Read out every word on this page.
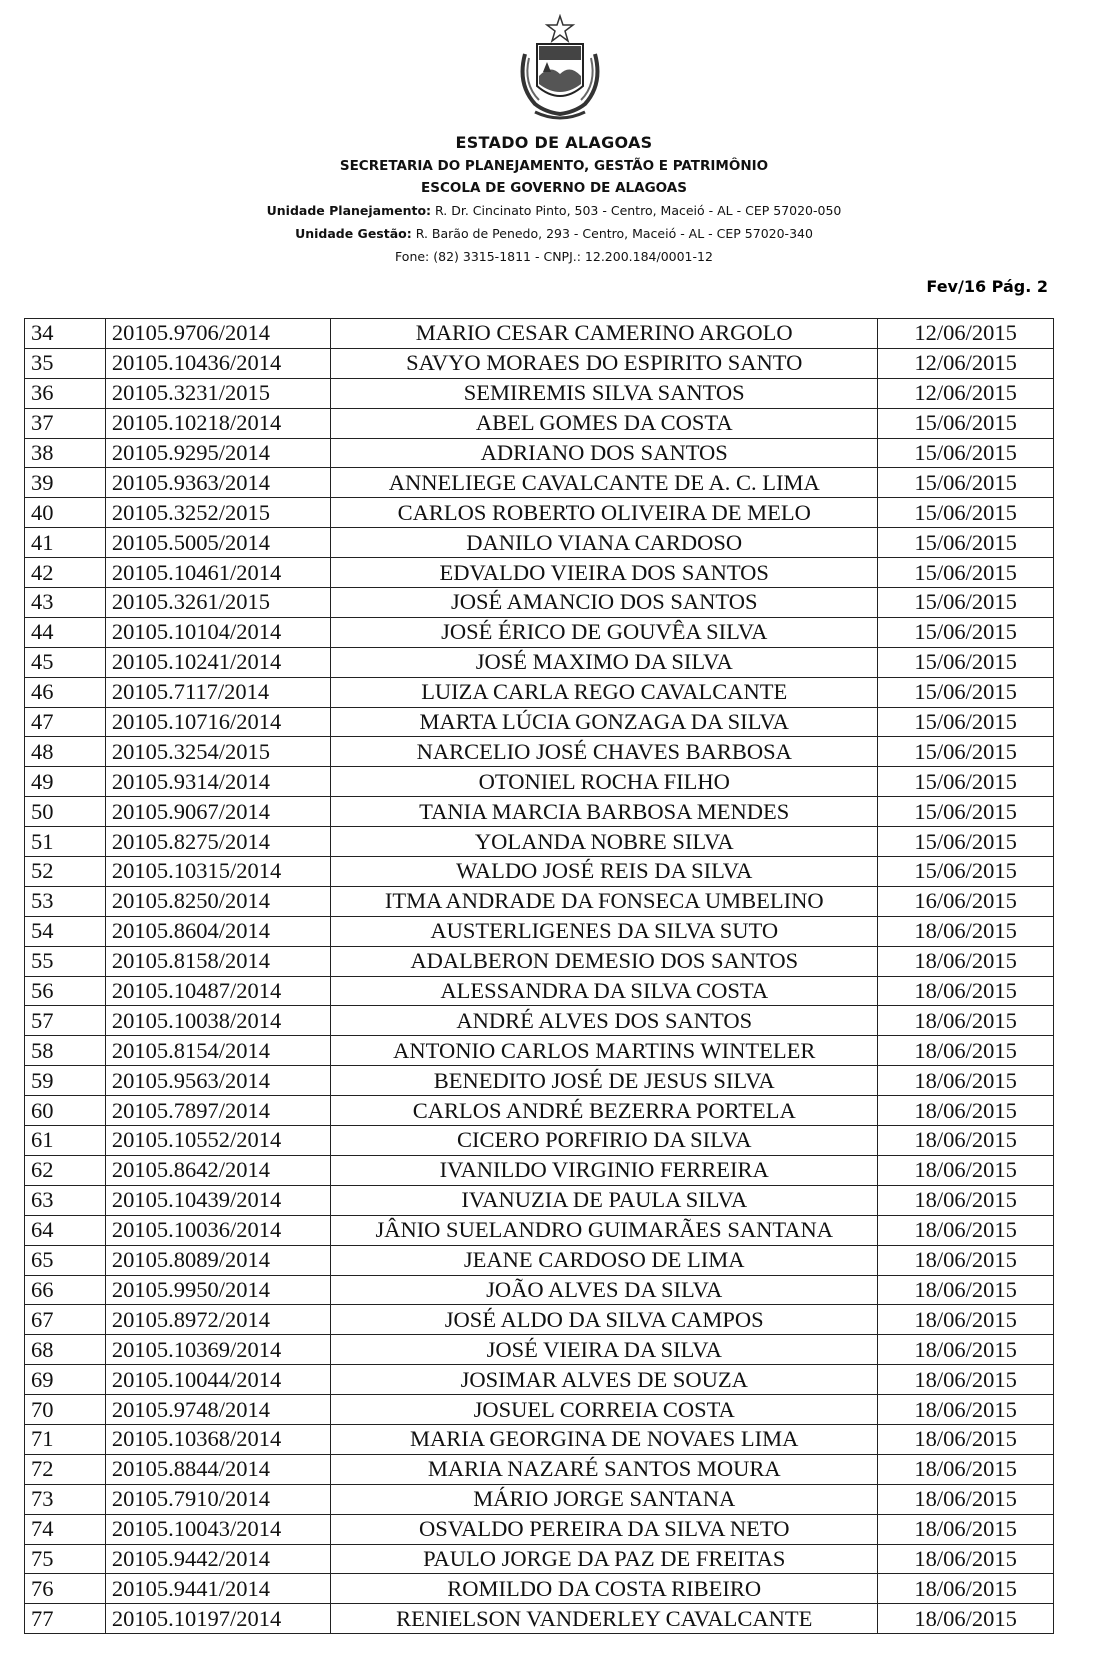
ESTADO DE ALAGOAS
SECRETARIA DO PLANEJAMENTO, GESTÃO E PATRIMÔNIO
ESCOLA DE GOVERNO DE ALAGOAS
Unidade Planejamento: R. Dr. Cincinato Pinto, 503 - Centro, Maceió - AL - CEP 57020-050
Unidade Gestão: R. Barão de Penedo, 293 - Centro, Maceió - AL - CEP 57020-340
Fone: (82) 3315-1811 - CNPJ.: 12.200.184/0001-12
Fev/16 Pág. 2
34	20105.9706/2014	MARIO CESAR CAMERINO ARGOLO	12/06/2015
35	20105.10436/2014	SAVYO MORAES DO ESPIRITO SANTO	12/06/2015
36	20105.3231/2015	SEMIREMIS SILVA SANTOS	12/06/2015
37	20105.10218/2014	ABEL GOMES DA COSTA	15/06/2015
38	20105.9295/2014	ADRIANO DOS SANTOS	15/06/2015
39	20105.9363/2014	ANNELIEGE CAVALCANTE DE A. C. LIMA	15/06/2015
40	20105.3252/2015	CARLOS ROBERTO OLIVEIRA DE MELO	15/06/2015
41	20105.5005/2014	DANILO VIANA CARDOSO	15/06/2015
42	20105.10461/2014	EDVALDO VIEIRA DOS SANTOS	15/06/2015
43	20105.3261/2015	JOSÉ AMANCIO DOS SANTOS	15/06/2015
44	20105.10104/2014	JOSÉ ÉRICO DE GOUVÊA SILVA	15/06/2015
45	20105.10241/2014	JOSÉ MAXIMO DA SILVA	15/06/2015
46	20105.7117/2014	LUIZA CARLA REGO CAVALCANTE	15/06/2015
47	20105.10716/2014	MARTA LÚCIA GONZAGA DA SILVA	15/06/2015
48	20105.3254/2015	NARCELIO JOSÉ CHAVES BARBOSA	15/06/2015
49	20105.9314/2014	OTONIEL ROCHA FILHO	15/06/2015
50	20105.9067/2014	TANIA MARCIA BARBOSA MENDES	15/06/2015
51	20105.8275/2014	YOLANDA NOBRE SILVA	15/06/2015
52	20105.10315/2014	WALDO JOSÉ REIS DA SILVA	15/06/2015
53	20105.8250/2014	ITMA ANDRADE DA FONSECA UMBELINO	16/06/2015
54	20105.8604/2014	AUSTERLIGENES DA SILVA SUTO	18/06/2015
55	20105.8158/2014	ADALBERON DEMESIO DOS SANTOS	18/06/2015
56	20105.10487/2014	ALESSANDRA DA SILVA COSTA	18/06/2015
57	20105.10038/2014	ANDRÉ ALVES DOS SANTOS	18/06/2015
58	20105.8154/2014	ANTONIO CARLOS MARTINS WINTELER	18/06/2015
59	20105.9563/2014	BENEDITO JOSÉ DE JESUS SILVA	18/06/2015
60	20105.7897/2014	CARLOS ANDRÉ BEZERRA PORTELA	18/06/2015
61	20105.10552/2014	CICERO PORFIRIO DA SILVA	18/06/2015
62	20105.8642/2014	IVANILDO VIRGINIO FERREIRA	18/06/2015
63	20105.10439/2014	IVANUZIA DE PAULA SILVA	18/06/2015
64	20105.10036/2014	JÂNIO SUELANDRO GUIMARÃES SANTANA	18/06/2015
65	20105.8089/2014	JEANE CARDOSO DE LIMA	18/06/2015
66	20105.9950/2014	JOÃO ALVES DA SILVA	18/06/2015
67	20105.8972/2014	JOSÉ ALDO DA SILVA CAMPOS	18/06/2015
68	20105.10369/2014	JOSÉ VIEIRA DA SILVA	18/06/2015
69	20105.10044/2014	JOSIMAR ALVES DE SOUZA	18/06/2015
70	20105.9748/2014	JOSUEL CORREIA COSTA	18/06/2015
71	20105.10368/2014	MARIA GEORGINA DE NOVAES LIMA	18/06/2015
72	20105.8844/2014	MARIA NAZARÉ SANTOS MOURA	18/06/2015
73	20105.7910/2014	MÁRIO JORGE SANTANA	18/06/2015
74	20105.10043/2014	OSVALDO PEREIRA DA SILVA NETO	18/06/2015
75	20105.9442/2014	PAULO JORGE DA PAZ DE FREITAS	18/06/2015
76	20105.9441/2014	ROMILDO DA COSTA RIBEIRO	18/06/2015
77	20105.10197/2014	RENIELSON VANDERLEY CAVALCANTE	18/06/2015
